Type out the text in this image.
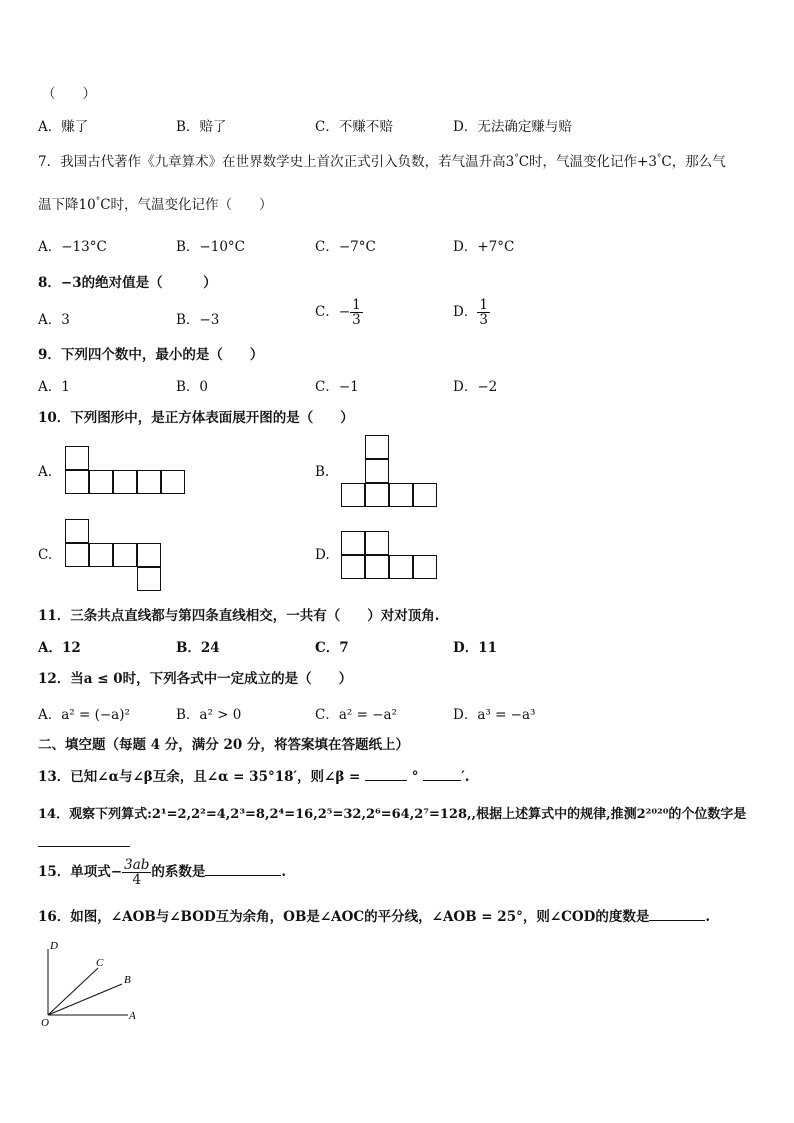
（　　）
A．赚了	B．赔了	C．不赚不赔	D．无法确定赚与赔
7．我国古代著作《九章算术》在世界数学史上首次正式引入负数，若气温升高3°C时，气温变化记作+3°C，那么气
温下降10°C时，气温变化记作（　　）
A．−13°C	B．−10°C	C．−7°C	D．+7°C
8．−3的绝对值是（　　　）
A．3	B．−3	C．− $\frac{1}{3}$	D． $\frac{1}{3}$
9．下列四个数中，最小的是（　　）
A．1	B．0	C．−1	D．−2
10．下列图形中，是正方体表面展开图的是（　　）
A.	B.
C.	D.
11．三条共点直线都与第四条直线相交，一共有（　　）对对顶角.
A．12	B．24	C．7	D．11
12．当a ≤ 0时，下列各式中一定成立的是（　　）
A．a² = (−a)²	B．a² > 0	C．a² = −a²	D．a³ = −a³
二、填空题（每题 4 分，满分 20 分，将答案填在答题纸上）
13．已知∠α与∠β互余，且∠α = 35°18′，则∠β =	°	′.
14．观察下列算式:2¹=2,2²=4,2³=8,2⁴=16,2⁵=32,2⁶=64,2⁷=128,,根据上述算式中的规律,推测2²⁰²⁰的个位数字是
15．单项式− $\frac{3ab}{4}$ 的系数是	.
16．如图，∠AOB与∠BOD互为余角，OB是∠AOC的平分线，∠AOB = 25°，则∠COD的度数是	.
D
C
B
O
A
